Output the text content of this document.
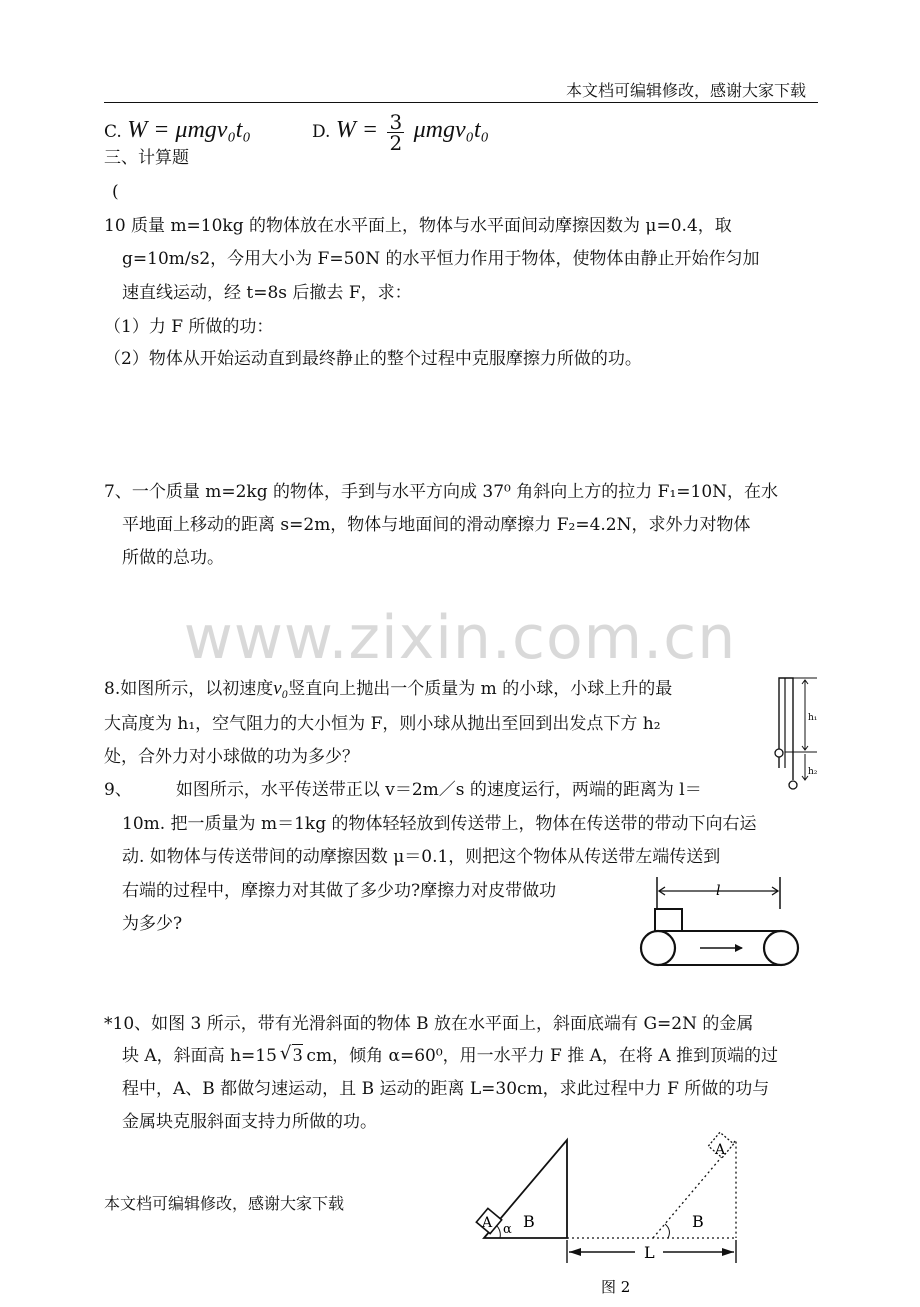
本文档可编辑修改，感谢大家下载
C. W = μmgv₀t₀	D. $W = \frac{3}{2} \mu mgv_0t_0$
三、计算题
(
10 质量 m=10kg 的物体放在水平面上，物体与水平面间动摩擦因数为 μ=0.4，取
g=10m/s2，今用大小为 F=50N 的水平恒力作用于物体，使物体由静止开始作匀加
速直线运动，经 t=8s 后撤去 F，求：
（1）力 F 所做的功：
（2）物体从开始运动直到最终静止的整个过程中克服摩擦力所做的功。
7、一个质量 m=2kg 的物体，手到与水平方向成 37⁰ 角斜向上方的拉力 F₁=10N，在水
平地面上移动的距离 s=2m，物体与地面间的滑动摩擦力 F₂=4.2N，求外力对物体
所做的总功。
www.zixin.com.cn
8.如图所示，以初速度v₀竖直向上抛出一个质量为 m 的小球，小球上升的最
大高度为 h₁，空气阻力的大小恒为 F，则小球从抛出至回到出发点下方 h₂
处，合外力对小球做的功为多少？
h₁
h₂
9、	如图所示，水平传送带正以 v＝2m／s 的速度运行，两端的距离为 l＝
10m. 把一质量为 m＝1kg 的物体轻轻放到传送带上，物体在传送带的带动下向右运
动. 如物体与传送带间的动摩擦因数 μ＝0.1，则把这个物体从传送带左端传送到
右端的过程中，摩擦力对其做了多少功?摩擦力对皮带做功
为多少?
l
*10、如图 3 所示，带有光滑斜面的物体 B 放在水平面上，斜面底端有 G=2N 的金属
块 A，斜面高 h=15 √ 3 cm，倾角 α=60⁰，用一水平力 F 推 A，在将 A 推到顶端的过
程中，A、B 都做匀速运动，且 B 运动的距离 L=30cm，求此过程中力 F 所做的功与
金属块克服斜面支持力所做的功。
本文档可编辑修改，感谢大家下载
A α B
A
B
L
图 2
